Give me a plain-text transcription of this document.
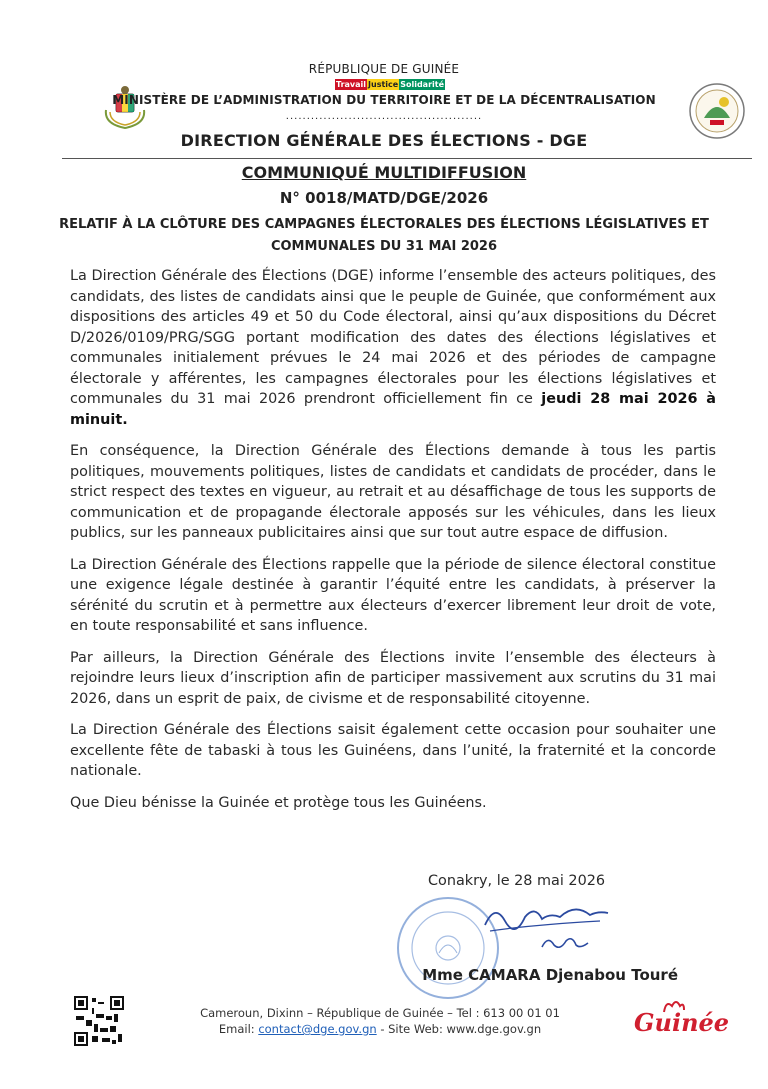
RÉPUBLIQUE DE GUINÉE
Travail Justice Solidarité
MINISTÈRE DE L’ADMINISTRATION DU TERRITOIRE ET DE LA DÉCENTRALISATION
...............................................
DIRECTION GÉNÉRALE DES ÉLECTIONS - DGE
COMMUNIQUÉ MULTIDIFFUSION
N° 0018/MATD/DGE/2026
RELATIF À LA CLÔTURE DES CAMPAGNES ÉLECTORALES DES ÉLECTIONS LÉGISLATIVES ET COMMUNALES DU 31 MAI 2026

La Direction Générale des Élections (DGE) informe l’ensemble des acteurs politiques, des candidats, des listes de candidats ainsi que le peuple de Guinée, que conformément aux dispositions des articles 49 et 50 du Code électoral, ainsi qu’aux dispositions du Décret D/2026/0109/PRG/SGG portant modification des dates des élections législatives et communales initialement prévues le 24 mai 2026 et des périodes de campagne électorale y afférentes, les campagnes électorales pour les élections législatives et communales du 31 mai 2026 prendront officiellement fin ce jeudi 28 mai 2026 à minuit.

En conséquence, la Direction Générale des Élections demande à tous les partis politiques, mouvements politiques, listes de candidats et candidats de procéder, dans le strict respect des textes en vigueur, au retrait et au désaffichage de tous les supports de communication et de propagande électorale apposés sur les véhicules, dans les lieux publics, sur les panneaux publicitaires ainsi que sur tout autre espace de diffusion.

La Direction Générale des Élections rappelle que la période de silence électoral constitue une exigence légale destinée à garantir l’équité entre les candidats, à préserver la sérénité du scrutin et à permettre aux électeurs d’exercer librement leur droit de vote, en toute responsabilité et sans influence.

Par ailleurs, la Direction Générale des Élections invite l’ensemble des électeurs à rejoindre leurs lieux d’inscription afin de participer massivement aux scrutins du 31 mai 2026, dans un esprit de paix, de civisme et de responsabilité citoyenne.

La Direction Générale des Élections saisit également cette occasion pour souhaiter une excellente fête de tabaski à tous les Guinéens, dans l’unité, la fraternité et la concorde nationale.

Que Dieu bénisse la Guinée et protège tous les Guinéens.

Conakry, le 28 mai 2026
Mme CAMARA Djenabou Touré
Cameroun, Dixinn – République de Guinée – Tel : 613 00 01 01
Email: contact@dge.gov.gn - Site Web: www.dge.gov.gn	Guinée
